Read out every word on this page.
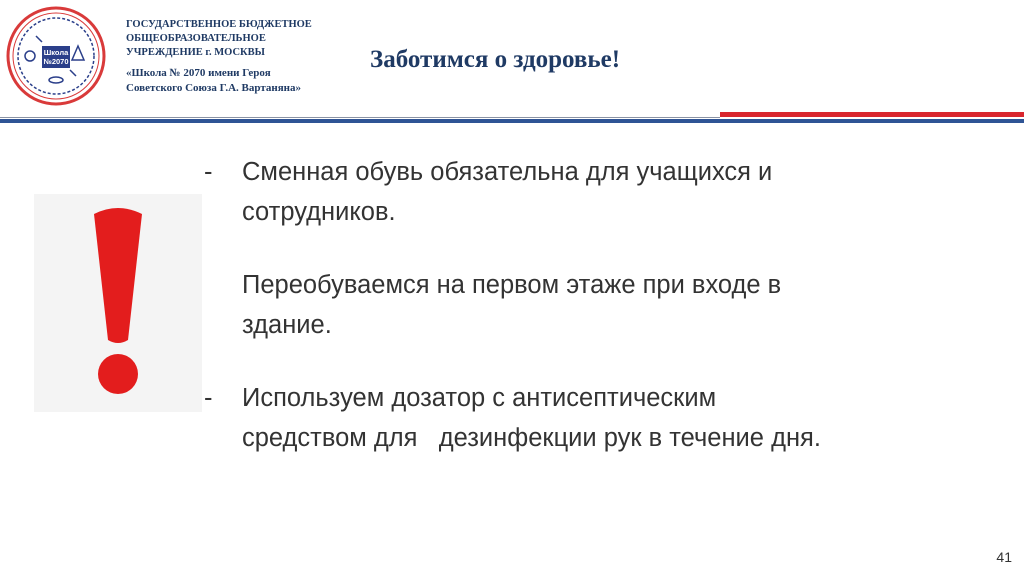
Школа
№2070
ГОСУДАРСТВЕННОЕ БЮДЖЕТНОЕ
ОБЩЕОБРАЗОВАТЕЛЬНОЕ
УЧРЕЖДЕНИЕ г. МОСКВЫ
«Школа № 2070 имени Героя
Советского Союза Г.А. Вартаняна»
Заботимся о здоровье!
-	Сменная обувь обязательна для учащихся и
сотрудников.
Переобуваемся на первом этаже при входе в
здание.
-	Используем дозатор с антисептическим
средством для   дезинфекции рук в течение дня.
41
